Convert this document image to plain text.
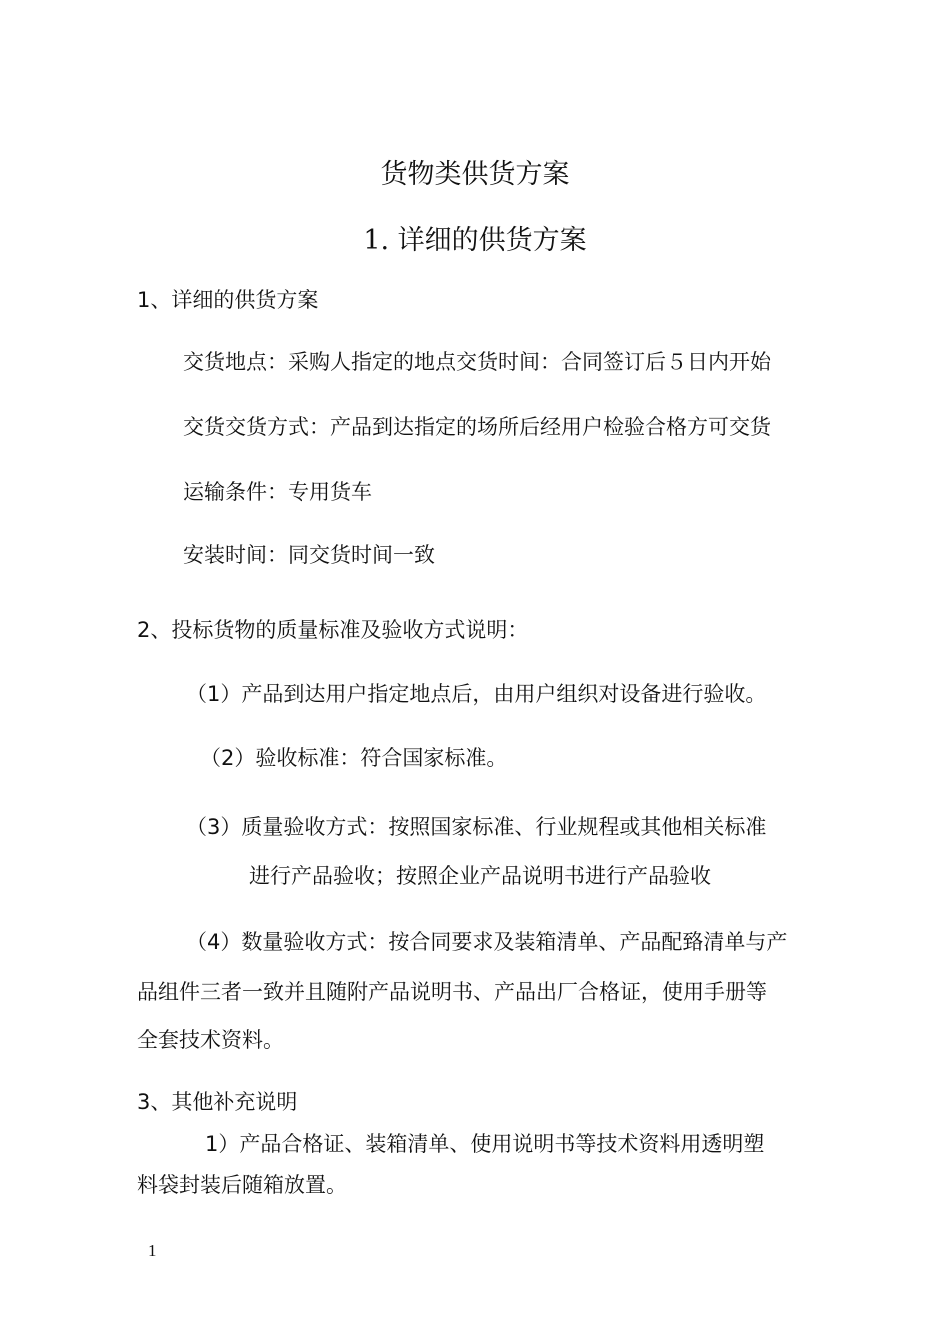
货物类供货方案
1. 详细的供货方案
1、详细的供货方案
交货地点：采购人指定的地点交货时间：合同签订后５日内开始
交货交货方式：产品到达指定的场所后经用户检验合格方可交货
运输条件：专用货车
安装时间：同交货时间一致
2、投标货物的质量标准及验收方式说明：
（1）产品到达用户指定地点后，由用户组织对设备进行验收。
（2）验收标准：符合国家标准。
（3）质量验收方式：按照国家标准、行业规程或其他相关标准
进行产品验收；按照企业产品说明书进行产品验收
（4）数量验收方式：按合同要求及装箱清单、产品配臵清单与产
品组件三者一致并且随附产品说明书、产品出厂合格证，使用手册等
全套技术资料。
3、其他补充说明
1）产品合格证、装箱清单、使用说明书等技术资料用透明塑
料袋封装后随箱放置。
1
